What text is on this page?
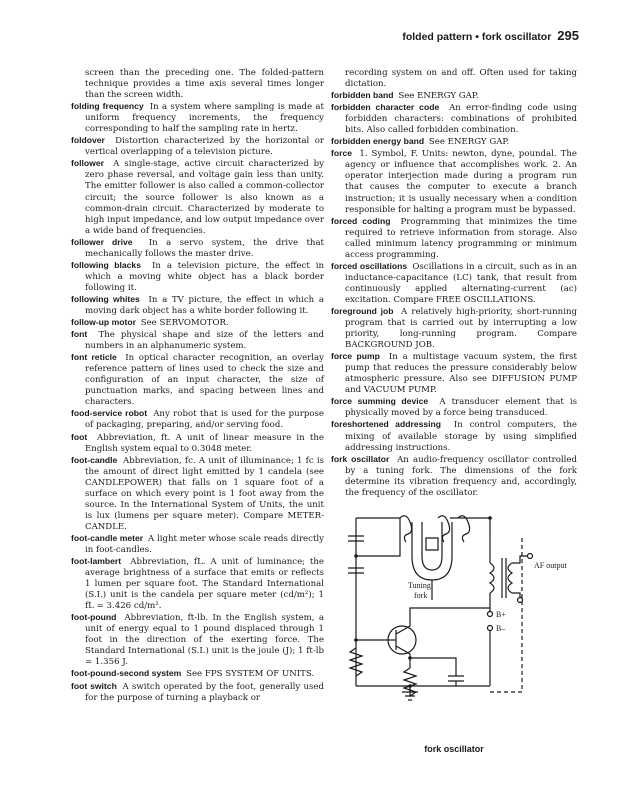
folded pattern • fork oscillator 295

screen than the preceding one. The folded-pattern technique provides a time axis several times longer than the screen width.

folding frequency In a system where sampling is made at uniform frequency increments, the frequency corresponding to half the sampling rate in hertz.

foldover Distortion characterized by the horizontal or vertical overlapping of a television picture.

follower A single-stage, active circuit characterized by zero phase reversal, and voltage gain less than unity. The emitter follower is also called a common-collector circuit; the source follower is also known as a common-drain circuit. Characterized by moderate to high input impedance, and low output impedance over a wide band of frequencies.

follower drive In a servo system, the drive that mechanically follows the master drive.

following blacks In a television picture, the effect in which a moving white object has a black border following it.

following whites In a TV picture, the effect in which a moving dark object has a white border following it.

follow-up motor See SERVOMOTOR.

font The physical shape and size of the letters and numbers in an alphanumeric system.

font reticle In optical character recognition, an overlay reference pattern of lines used to check the size and configuration of an input character, the size of punctuation marks, and spacing between lines and characters.

food-service robot Any robot that is used for the purpose of packaging, preparing, and/or serving food.

foot Abbreviation, ft. A unit of linear measure in the English system equal to 0.3048 meter.

foot-candle Abbreviation, fc. A unit of illuminance; 1 fc is the amount of direct light emitted by 1 candela (see CANDLEPOWER) that falls on 1 square foot of a surface on which every point is 1 foot away from the source. In the International System of Units, the unit is lux (lumens per square meter). Compare METER-CANDLE.

foot-candle meter A light meter whose scale reads directly in foot-candles.

foot-lambert Abbreviation, fL. A unit of luminance; the average brightness of a surface that emits or reflects 1 lumen per square foot. The Standard International (S.I.) unit is the candela per square meter (cd/m²); 1 fL = 3.426 cd/m².

foot-pound Abbreviation, ft-lb. In the English system, a unit of energy equal to 1 pound displaced through 1 foot in the direction of the exerting force. The Standard International (S.I.) unit is the joule (J); 1 ft-lb = 1.356 J.

foot-pound-second system See FPS SYSTEM OF UNITS.

foot switch A switch operated by the foot, generally used for the purpose of turning a playback or

recording system on and off. Often used for taking dictation.

forbidden band See ENERGY GAP.

forbidden character code An error-finding code using forbidden characters: combinations of prohibited bits. Also called forbidden combination.

forbidden energy band See ENERGY GAP.

force 1. Symbol, F. Units: newton, dyne, poundal. The agency or influence that accomplishes work. 2. An operator interjection made during a program run that causes the computer to execute a branch instruction; it is usually necessary when a condition responsible for halting a program must be bypassed.

forced coding Programming that minimizes the time required to retrieve information from storage. Also called minimum latency programming or minimum access programming.

forced oscillations Oscillations in a circuit, such as in an inductance-capacitance (LC) tank, that result from continuously applied alternating-current (ac) excitation. Compare FREE OSCILLATIONS.

foreground job A relatively high-priority, short-running program that is carried out by interrupting a low priority, long-running program. Compare BACKGROUND JOB.

force pump In a multistage vacuum system, the first pump that reduces the pressure considerably below atmospheric pressure. Also see DIFFUSION PUMP and VACUUM PUMP.

force summing device A transducer element that is physically moved by a force being transduced.

foreshortened addressing In control computers, the mixing of available storage by using simplified addressing instructions.

fork oscillator An audio-frequency oscillator controlled by a tuning fork. The dimensions of the fork determine its vibration frequency and, accordingly, the frequency of the oscillator.

Tuning
fork
AF output
B+
B–
fork oscillator
